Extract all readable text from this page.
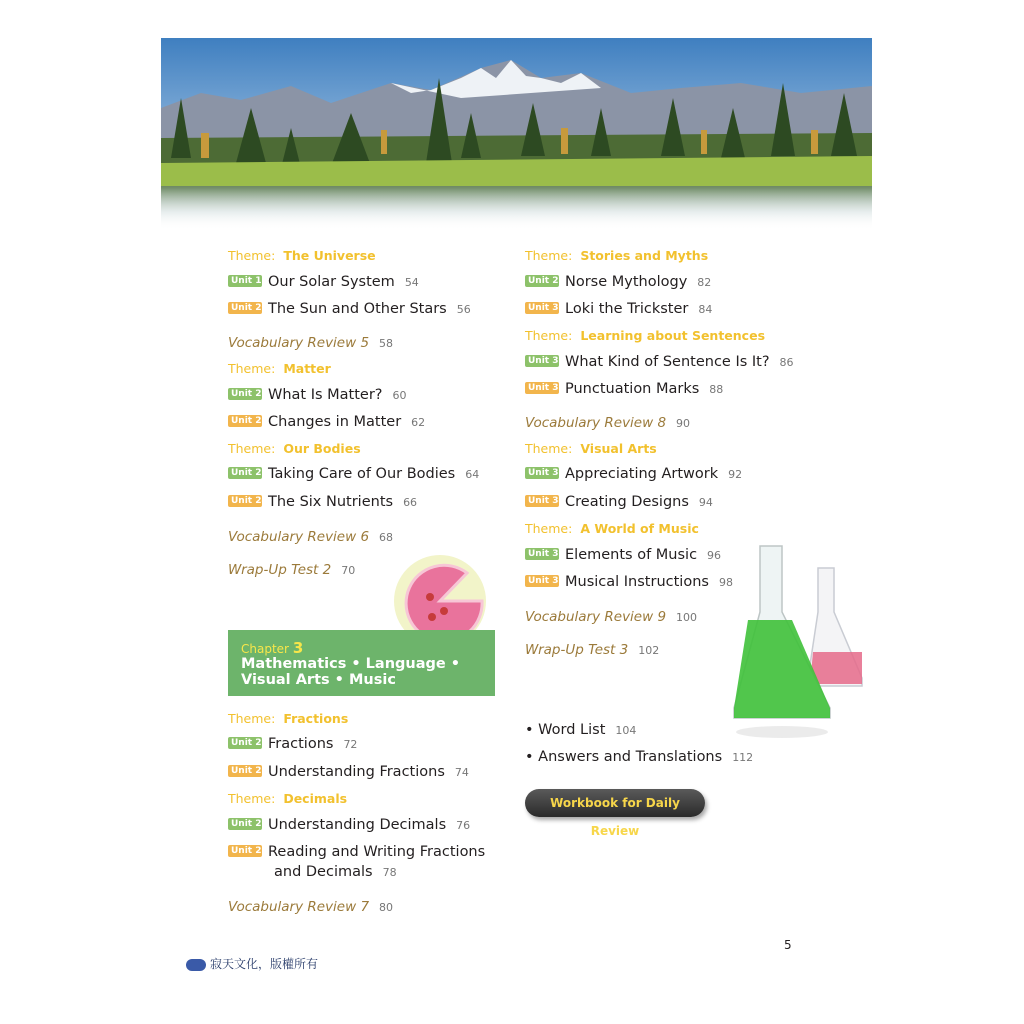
Theme: The Universe
Unit 19 Our Solar System 54
Unit 20 The Sun and Other Stars 56
Vocabulary Review 5 58
Theme: Matter
Unit 21 What Is Matter? 60
Unit 22 Changes in Matter 62
Theme: Our Bodies
Unit 23 Taking Care of Our Bodies 64
Unit 24 The Six Nutrients 66
Vocabulary Review 6 68
Wrap-Up Test 2 70
Chapter 3
Mathematics • Language •
Visual Arts • Music
Theme: Fractions
Unit 25 Fractions 72
Unit 26 Understanding Fractions 74
Theme: Decimals
Unit 27 Understanding Decimals 76
Unit 28 Reading and Writing Fractions
and Decimals 78
Vocabulary Review 7 80
Theme: Stories and Myths
Unit 29 Norse Mythology 82
Unit 30 Loki the Trickster 84
Theme: Learning about Sentences
Unit 31 What Kind of Sentence Is It? 86
Unit 32 Punctuation Marks 88
Vocabulary Review 8 90
Theme: Visual Arts
Unit 33 Appreciating Artwork 92
Unit 34 Creating Designs 94
Theme: A World of Music
Unit 35 Elements of Music 96
Unit 36 Musical Instructions 98
Vocabulary Review 9 100
Wrap-Up Test 3 102
• Word List 104
• Answers and Translations 112
Workbook for Daily Review
5
寂天文化，版權所有
